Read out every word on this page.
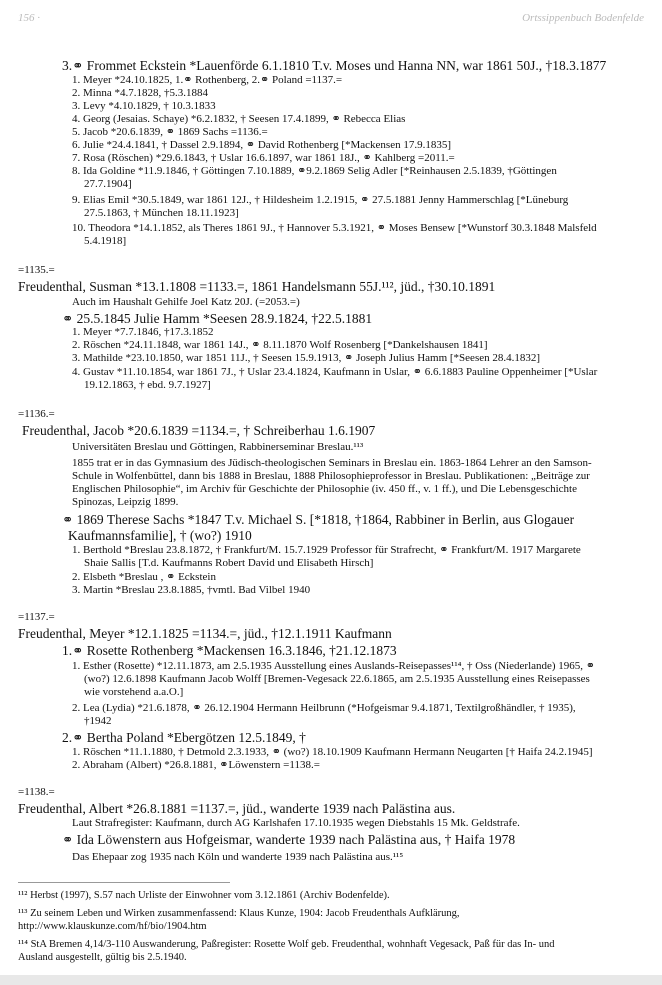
156 ·	Ortssippenbuch Bodenfelde
3.⚭ Frommet Eckstein *Lauenförde 6.1.1810 T.v. Moses und Hanna NN, war 1861 50J., †18.3.1877
1. Meyer *24.10.1825, 1.⚭ Rothenberg, 2.⚭ Poland =1137.=
2. Minna *4.7.1828, †5.3.1884
3. Levy *4.10.1829, † 10.3.1833
4. Georg (Jesaias. Schaye) *6.2.1832, † Seesen 17.4.1899, ⚭ Rebecca Elias
5. Jacob *20.6.1839, ⚭ 1869 Sachs =1136.=
6. Julie *24.4.1841, † Dassel 2.9.1894, ⚭ David Rothenberg [*Mackensen 17.9.1835]
7. Rosa (Röschen) *29.6.1843, † Uslar 16.6.1897, war 1861 18J., ⚭ Kahlberg =2011.=
8. Ida Goldine *11.9.1846, † Göttingen 7.10.1889, ⚭9.2.1869 Selig Adler [*Reinhausen 2.5.1839, †Göttingen
27.7.1904]
9. Elias Emil *30.5.1849, war 1861 12J., † Hildesheim 1.2.1915, ⚭ 27.5.1881 Jenny Hammerschlag [*Lüneburg
27.5.1863, † München 18.11.1923]
10. Theodora *14.1.1852, als Theres 1861 9J., † Hannover 5.3.1921, ⚭ Moses Bensew [*Wunstorf 30.3.1848 Malsfeld
5.4.1918]
=1135.=
Freudenthal, Susman *13.1.1808 =1133.=, 1861 Handelsmann 55J.¹¹², jüd., †30.10.1891
Auch im Haushalt Gehilfe Joel Katz 20J. (=2053.=)
⚭ 25.5.1845 Julie Hamm *Seesen 28.9.1824, †22.5.1881
1. Meyer *7.7.1846, †17.3.1852
2. Röschen *24.11.1848, war 1861 14J., ⚭ 8.11.1870 Wolf Rosenberg [*Dankelshausen 1841]
3. Mathilde *23.10.1850, war 1851 11J., † Seesen 15.9.1913, ⚭ Joseph Julius Hamm [*Seesen 28.4.1832]
4. Gustav *11.10.1854, war 1861 7J., † Uslar 23.4.1824, Kaufmann in Uslar, ⚭ 6.6.1883 Pauline Oppenheimer [*Uslar
19.12.1863, † ebd. 9.7.1927]
=1136.=
Freudenthal, Jacob *20.6.1839 =1134.=, † Schreiberhau 1.6.1907
Universitäten Breslau und Göttingen, Rabbinerseminar Breslau.¹¹³
1855 trat er in das Gymnasium des Jüdisch-theologischen Seminars in Breslau ein. 1863-1864 Lehrer an den Samson-
Schule in Wolfenbüttel, dann bis 1888 in Breslau, 1888 Philosophieprofessor in Breslau. Publikationen: „Beiträge zur
Englischen Philosophie“, im Archiv für Geschichte der Philosophie (iv. 450 ff., v. 1 ff.), und Die Lebensgeschichte
Spinozas, Leipzig 1899.
⚭ 1869 Therese Sachs *1847 T.v. Michael S. [*1818, †1864, Rabbiner in Berlin, aus Glogauer
Kaufmannsfamilie], † (wo?) 1910
1. Berthold *Breslau 23.8.1872, † Frankfurt/M. 15.7.1929 Professor für Strafrecht, ⚭ Frankfurt/M. 1917 Margarete
Shaie Sallis [T.d. Kaufmanns Robert David und Elisabeth Hirsch]
2. Elsbeth *Breslau , ⚭ Eckstein
3. Martin *Breslau 23.8.1885, †vmtl. Bad Vilbel 1940
=1137.=
Freudenthal, Meyer *12.1.1825 =1134.=, jüd., †12.1.1911 Kaufmann
1.⚭ Rosette Rothenberg *Mackensen 16.3.1846, †21.12.1873
1. Esther (Rosette) *12.11.1873, am 2.5.1935 Ausstellung eines Auslands-Reisepasses¹¹⁴, † Oss (Niederlande) 1965, ⚭
(wo?) 12.6.1898 Kaufmann Jacob Wolff [Bremen-Vegesack 22.6.1865, am 2.5.1935 Ausstellung eines Reisepasses
wie vorstehend a.a.O.]
2. Lea (Lydia) *21.6.1878, ⚭ 26.12.1904 Hermann Heilbrunn (*Hofgeismar 9.4.1871, Textilgroßhändler, † 1935),
†1942
2.⚭ Bertha Poland *Ebergötzen 12.5.1849, †
1. Röschen *11.1.1880, † Detmold 2.3.1933, ⚭ (wo?) 18.10.1909 Kaufmann Hermann Neugarten [† Haifa 24.2.1945]
2. Abraham (Albert) *26.8.1881, ⚭Löwenstern =1138.=
=1138.=
Freudenthal, Albert *26.8.1881 =1137.=, jüd., wanderte 1939 nach Palästina aus.
Laut Strafregister: Kaufmann, durch AG Karlshafen 17.10.1935 wegen Diebstahls 15 Mk. Geldstrafe.
⚭ Ida Löwenstern aus Hofgeismar, wanderte 1939 nach Palästina aus, † Haifa 1978
Das Ehepaar zog 1935 nach Köln und wanderte 1939 nach Palästina aus.¹¹⁵
¹¹² Herbst (1997), S.57 nach Urliste der Einwohner vom 3.12.1861 (Archiv Bodenfelde).
¹¹³ Zu seinem Leben und Wirken zusammenfassend: Klaus Kunze, 1904: Jacob Freudenthals Aufklärung,
http://www.klauskunze.com/hf/bio/1904.htm
¹¹⁴ StA Bremen 4,14/3-110 Auswanderung, Paßregister: Rosette Wolf geb. Freudenthal, wohnhaft Vegesack, Paß für das In- und
Ausland ausgestellt, gültig bis 2.5.1940.
